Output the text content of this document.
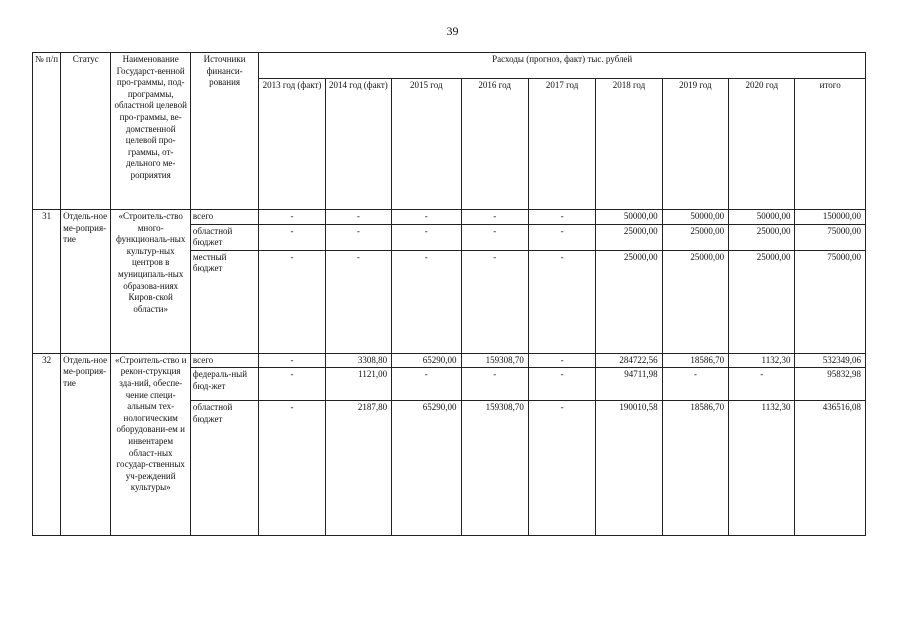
39
№ п/п	Статус	Наименование Государст-венной про-граммы, под-программы, областной целевой про-граммы, ве-домственной целевой про-граммы, от-дельного ме-роприятия	Источники финанси-рования	Расходы (прогноз, факт) тыс. рублей								
				2013 год (факт)	2014 год (факт)	2015 год	2016 год	2017 год	2018 год	2019 год	2020 год	итого
31	Отдель-ное ме-роприя-тие	«Строитель-ство много-функциональ-ных культур-ных центров в муниципаль-ных образова-ниях Киров-ской области»	всего	-	-	-	-	-	50000,00	50000,00	50000,00	150000,00
			областной бюджет	-	-	-	-	-	25000,00	25000,00	25000,00	75000,00
			местный бюджет	-	-	-	-	-	25000,00	25000,00	25000,00	75000,00
32	Отдель-ное ме-роприя-тие	«Строитель-ство и рекон-струкция зда-ний, обеспе-чение специ-альным тех-нологическим оборудовани-ем и инвентарем област-ных государ-ственных уч-реждений культуры»	всего	-	3308,80	65290,00	159308,70	-	284722,56	18586,70	1132,30	532349,06
			федераль-ный бюд-жет	-	1121,00	-	-	-	94711,98	-	-	95832,98
			областной бюджет	-	2187,80	65290,00	159308,70	-	190010,58	18586,70	1132,30	436516,08
